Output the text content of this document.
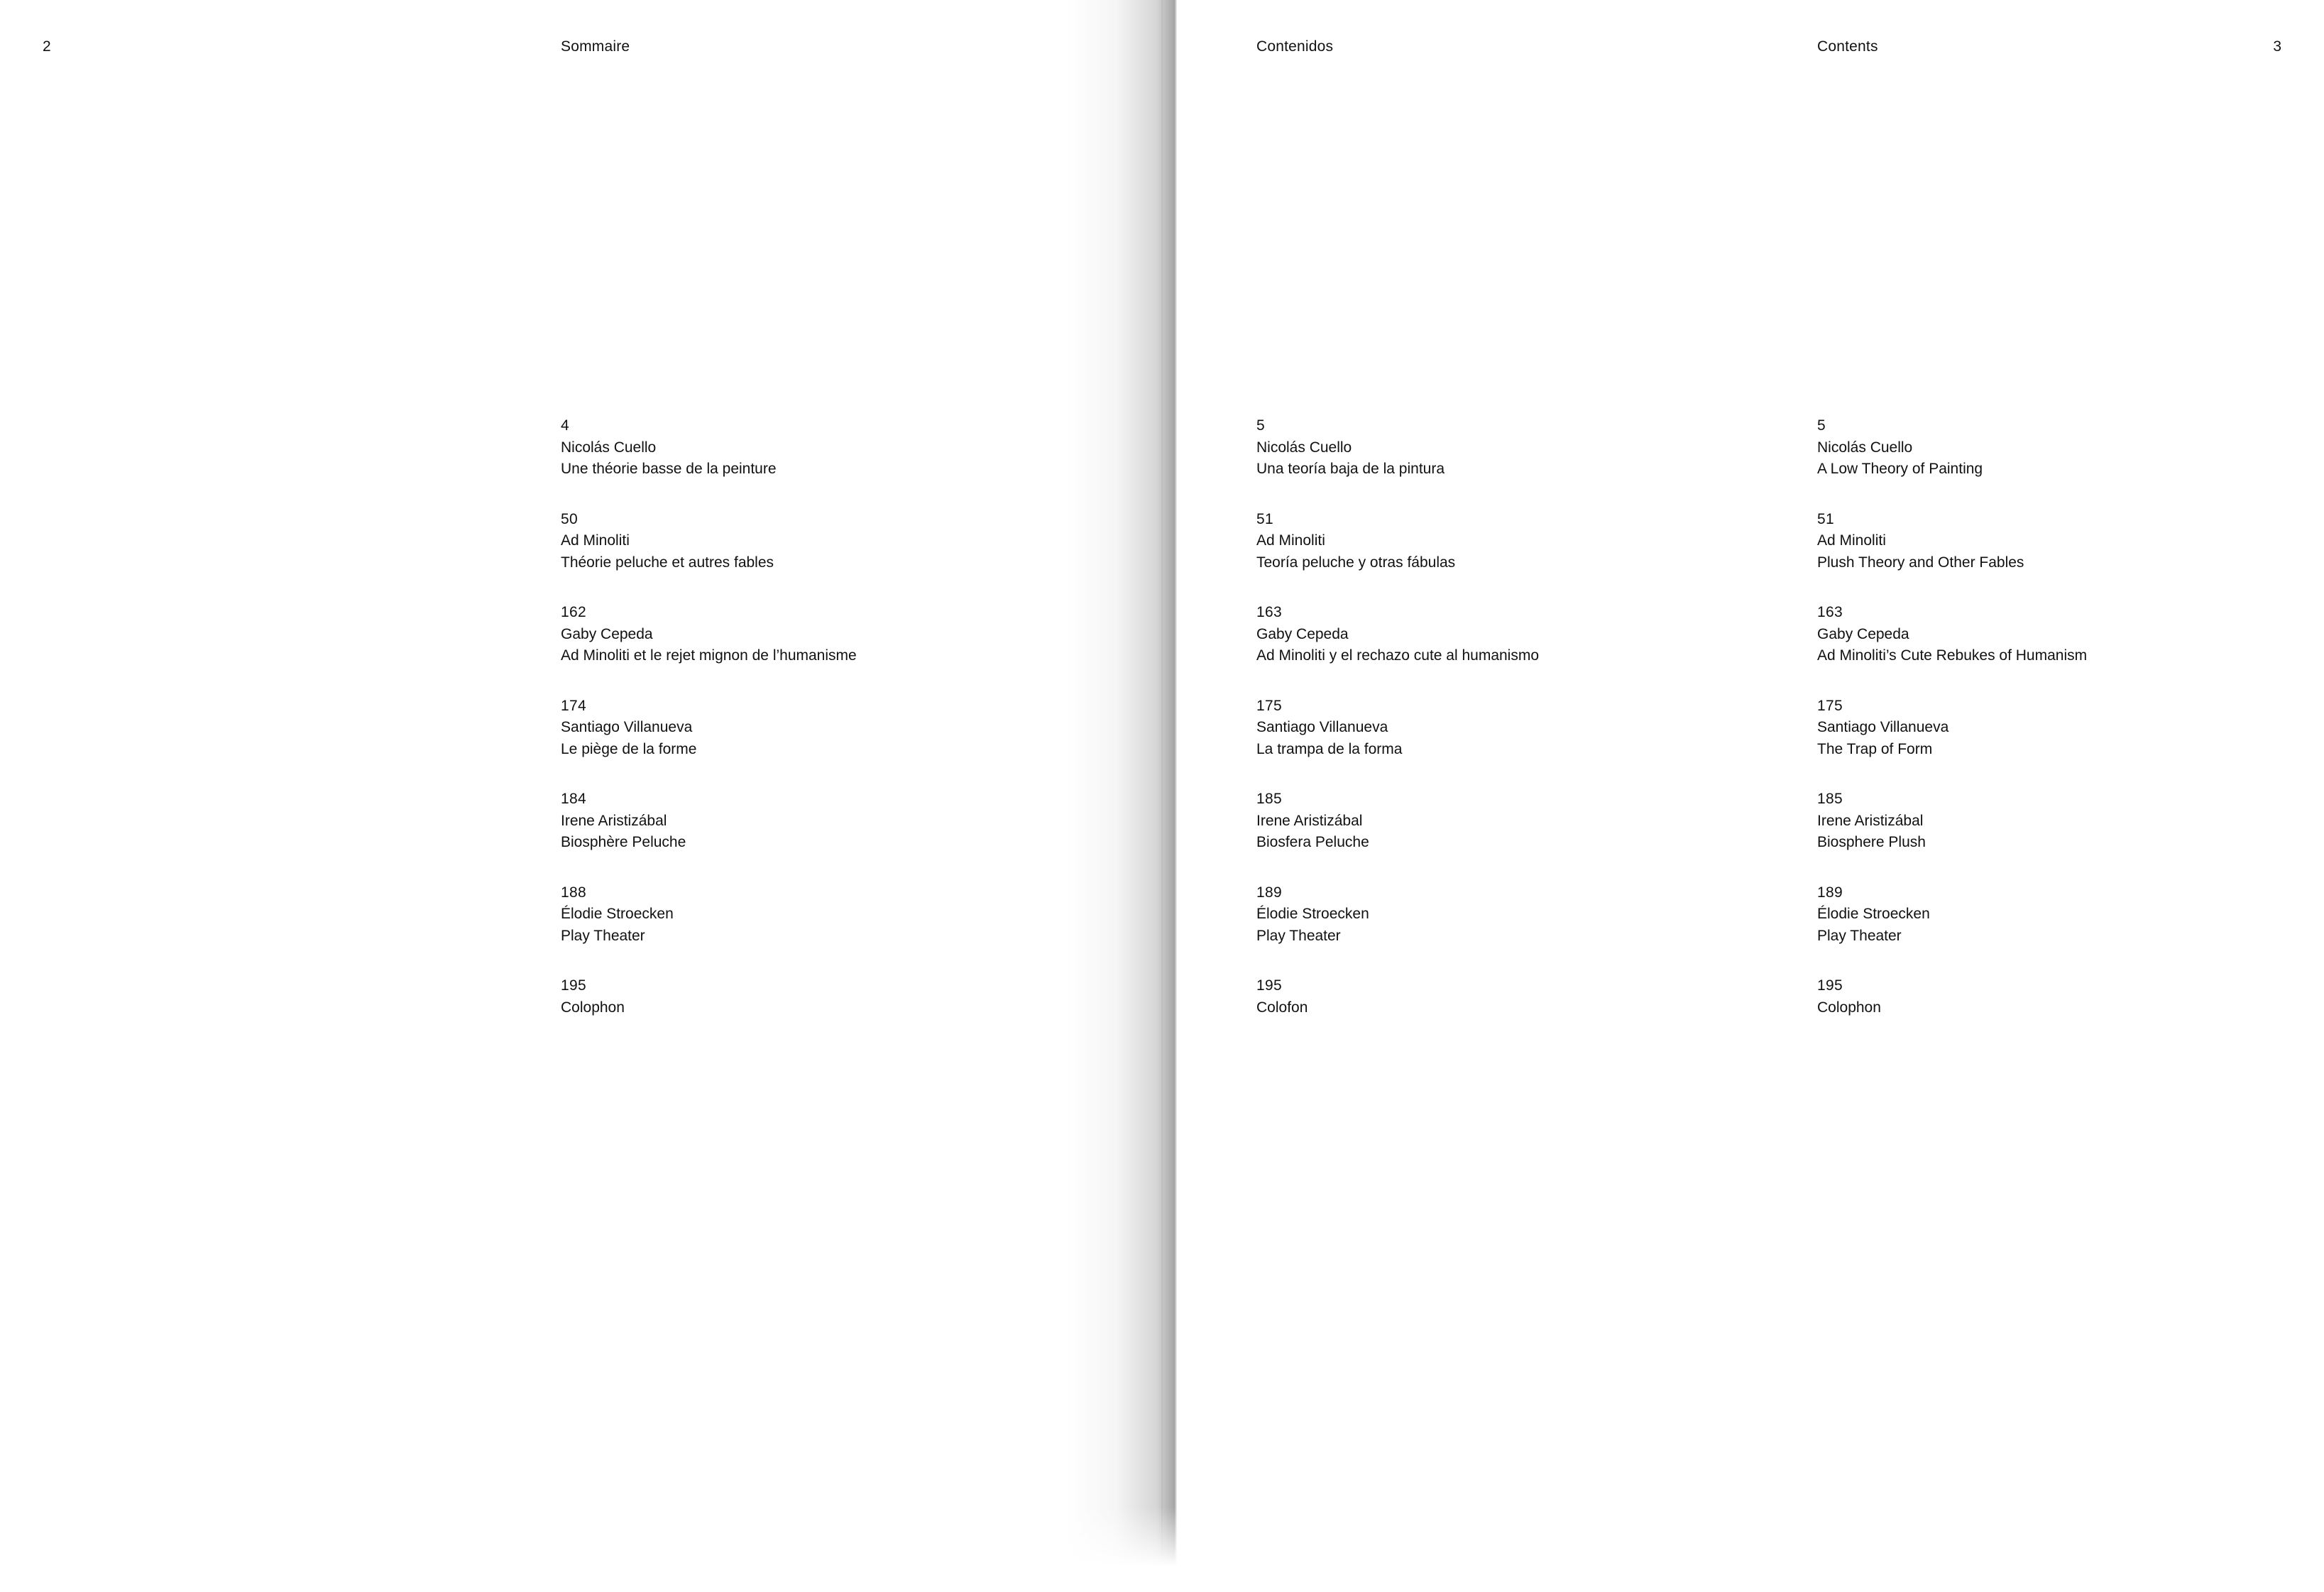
2	Sommaire	Contenidos	Contents	3
4
Nicolás Cuello
Une théorie basse de la peinture
50
Ad Minoliti
Théorie peluche et autres fables
162
Gaby Cepeda
Ad Minoliti et le rejet mignon de l’humanisme
174
Santiago Villanueva
Le piège de la forme
184
Irene Aristizábal
Biosphère Peluche
188
Élodie Stroecken
Play Theater
195
Colophon
5
Nicolás Cuello
Una teoría baja de la pintura
51
Ad Minoliti
Teoría peluche y otras fábulas
163
Gaby Cepeda
Ad Minoliti y el rechazo cute al humanismo
175
Santiago Villanueva
La trampa de la forma
185
Irene Aristizábal
Biosfera Peluche
189
Élodie Stroecken
Play Theater
195
Colofon
5
Nicolás Cuello
A Low Theory of Painting
51
Ad Minoliti
Plush Theory and Other Fables
163
Gaby Cepeda
Ad Minoliti’s Cute Rebukes of Humanism
175
Santiago Villanueva
The Trap of Form
185
Irene Aristizábal
Biosphere Plush
189
Élodie Stroecken
Play Theater
195
Colophon
